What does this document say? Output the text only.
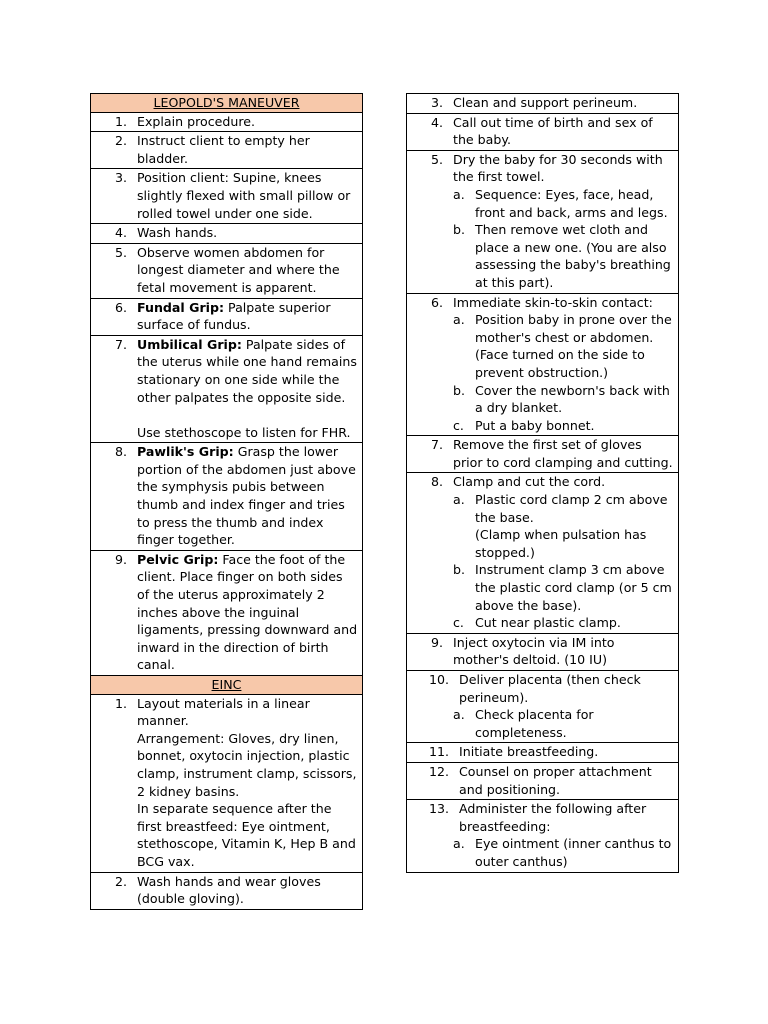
LEOPOLD'S MANEUVER

1. Explain procedure.

2. Instruct client to empty her bladder.

3. Position client: Supine, knees slightly flexed with small pillow or rolled towel under one side.

4. Wash hands.

5. Observe women abdomen for longest diameter and where the fetal movement is apparent.

6. Fundal Grip: Palpate superior surface of fundus.

7. Umbilical Grip: Palpate sides of the uterus while one hand remains stationary on one side while the other palpates the opposite side.
Use stethoscope to listen for FHR.

8. Pawlik's Grip: Grasp the lower portion of the abdomen just above the symphysis pubis between thumb and index finger and tries to press the thumb and index finger together.

9. Pelvic Grip: Face the foot of the client. Place finger on both sides of the uterus approximately 2 inches above the inguinal ligaments, pressing downward and inward in the direction of birth canal.

EINC

1. Layout materials in a linear manner.
Arrangement: Gloves, dry linen, bonnet, oxytocin injection, plastic clamp, instrument clamp, scissors, 2 kidney basins.
In separate sequence after the first breastfeed: Eye ointment, stethoscope, Vitamin K, Hep B and BCG vax.

2. Wash hands and wear gloves (double gloving).
3. Clean and support perineum.

4. Call out time of birth and sex of the baby.

5. Dry the baby for 30 seconds with the first towel.
a. Sequence: Eyes, face, head, front and back, arms and legs.
b. Then remove wet cloth and place a new one. (You are also assessing the baby's breathing at this part).

6. Immediate skin-to-skin contact:
a. Position baby in prone over the mother's chest or abdomen. (Face turned on the side to prevent obstruction.)
b. Cover the newborn's back with a dry blanket.
c. Put a baby bonnet.

7. Remove the first set of gloves prior to cord clamping and cutting.

8. Clamp and cut the cord.
a. Plastic cord clamp 2 cm above the base.
(Clamp when pulsation has stopped.)
b. Instrument clamp 3 cm above the plastic cord clamp (or 5 cm above the base).
c. Cut near plastic clamp.

9. Inject oxytocin via IM into mother's deltoid. (10 IU)

10. Deliver placenta (then check perineum).
a. Check placenta for completeness.

11. Initiate breastfeeding.

12. Counsel on proper attachment and positioning.

13. Administer the following after breastfeeding:
a. Eye ointment (inner canthus to outer canthus)
